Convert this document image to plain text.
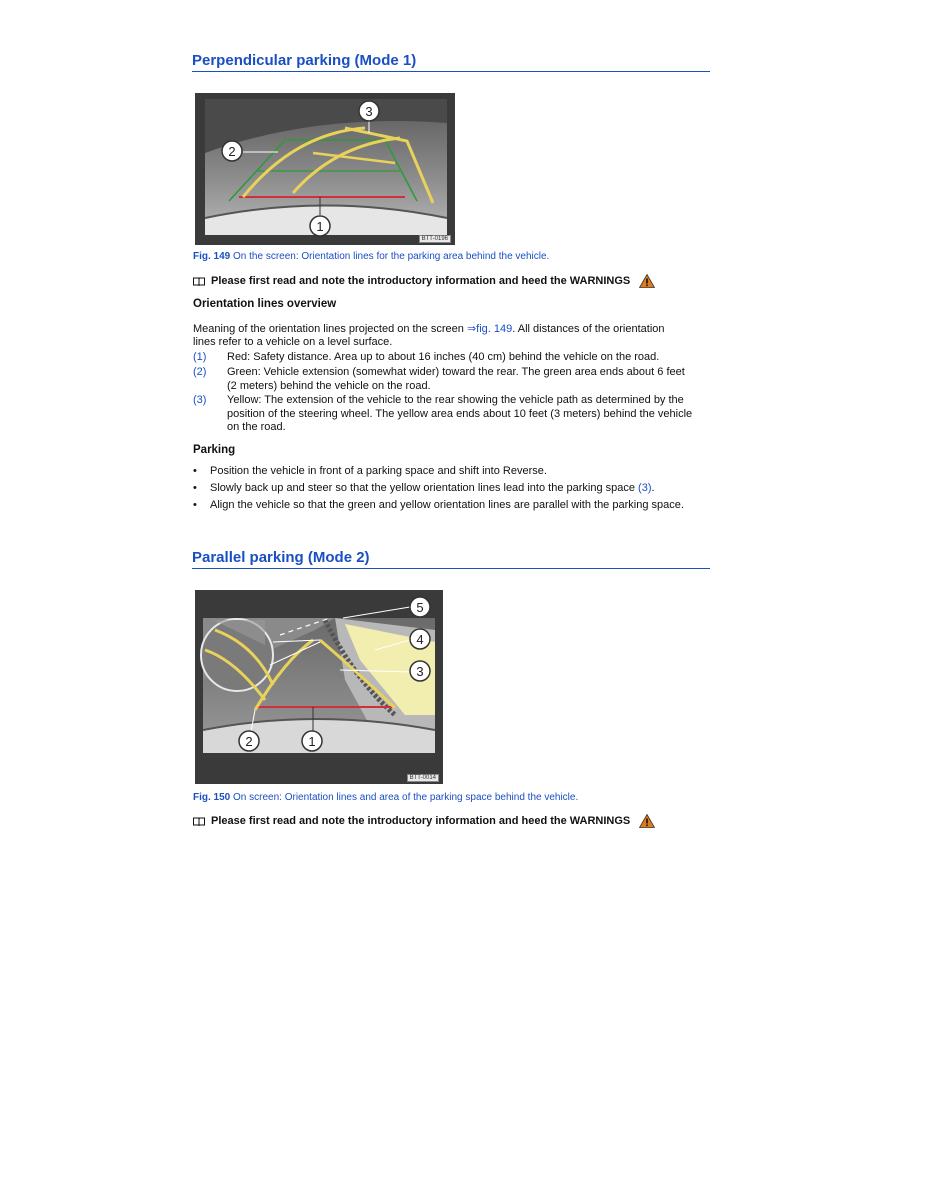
Perpendicular parking (Mode 1)
2
3
1
BTT-0196
Fig. 149 On the screen: Orientation lines for the parking area behind the vehicle.
Please first read and note the introductory information and heed the WARNINGS
Orientation lines overview
Meaning of the orientation lines projected on the screen ⇒fig. 149. All distances of the orientation
lines refer to a vehicle on a level surface.
(1) Red: Safety distance. Area up to about 16 inches (40 cm) behind the vehicle on the road.
(2) Green: Vehicle extension (somewhat wider) toward the rear. The green area ends about 6 feet
(2 meters) behind the vehicle on the road.
(3) Yellow: The extension of the vehicle to the rear showing the vehicle path as determined by the
position of the steering wheel. The yellow area ends about 10 feet (3 meters) behind the vehicle
on the road.
Parking
• Position the vehicle in front of a parking space and shift into Reverse.
• Slowly back up and steer so that the yellow orientation lines lead into the parking space (3).
• Align the vehicle so that the green and yellow orientation lines are parallel with the parking space.
Parallel parking (Mode 2)
5
4
3
2	1
BTT-0014
Fig. 150 On screen: Orientation lines and area of the parking space behind the vehicle.
Please first read and note the introductory information and heed the WARNINGS
